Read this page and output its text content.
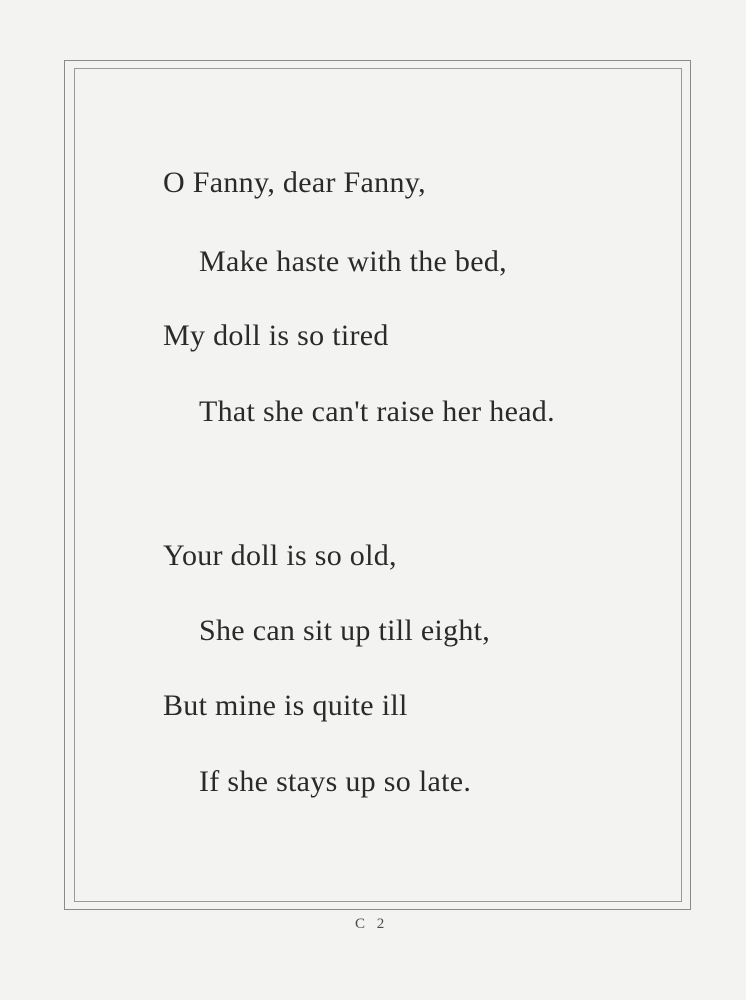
O Fanny, dear Fanny,
Make haste with the bed,
My doll is so tired
That she can't raise her head.
Your doll is so old,
She can sit up till eight,
But mine is quite ill
If she stays up so late.
C 2
